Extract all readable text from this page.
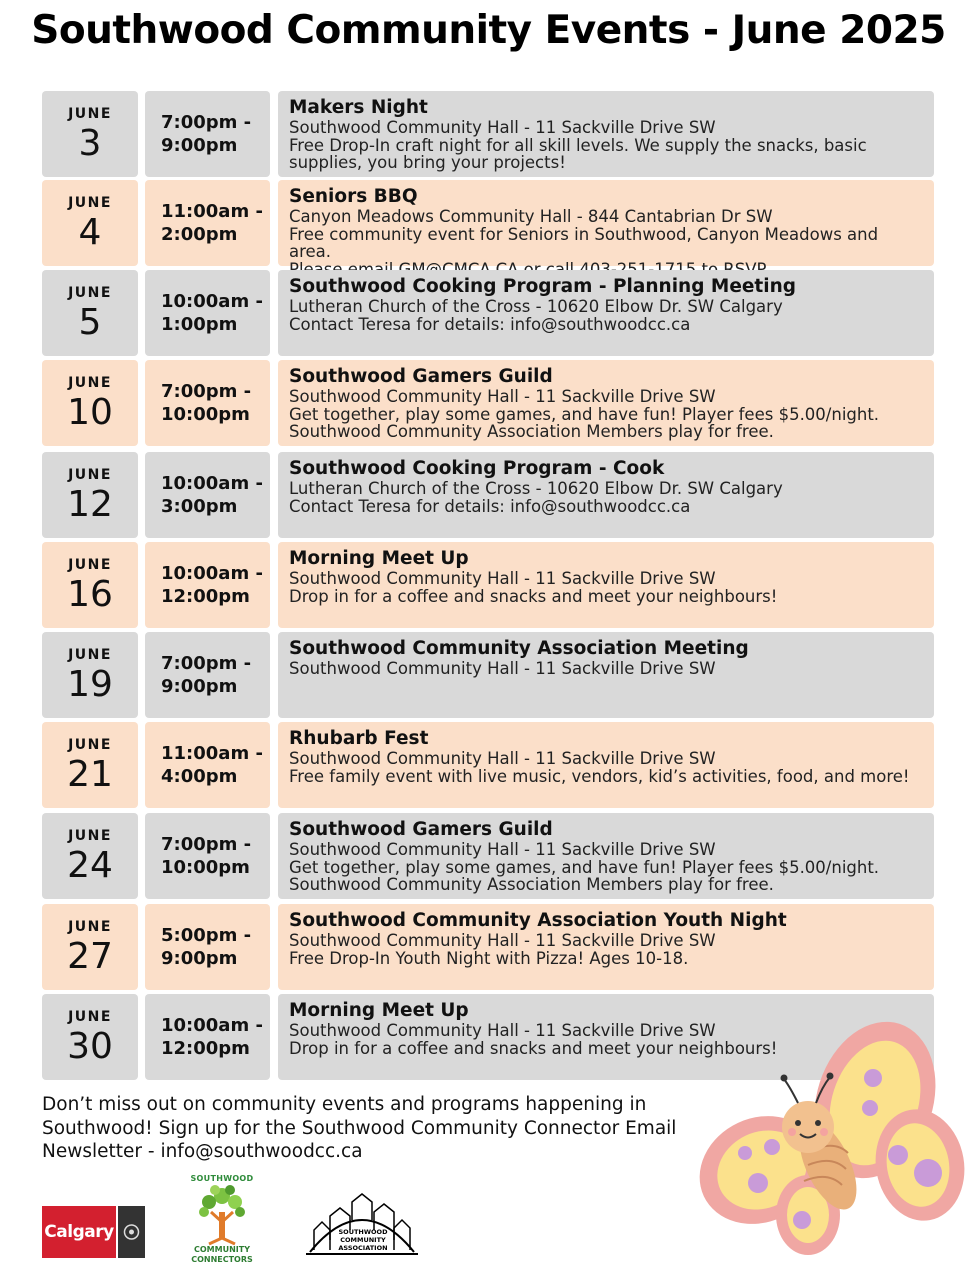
Southwood Community Events - June 2025
JUNE
3
7:00pm -
9:00pm
Makers Night
Southwood Community Hall - 11 Sackville Drive SW
Free Drop-In craft night for all skill levels. We supply the snacks, basic
supplies, you bring your projects!
JUNE
4
11:00am -
2:00pm
Seniors BBQ
Canyon Meadows Community Hall - 844 Cantabrian Dr SW
Free community event for Seniors in Southwood, Canyon Meadows and area.

JUNE
5
10:00am -
1:00pm
Southwood Cooking Program - Planning Meeting
Lutheran Church of the Cross - 10620 Elbow Dr. SW Calgary
Contact Teresa for details: info@southwoodcc.ca
JUNE
10
7:00pm -
10:00pm
Southwood Gamers Guild
Southwood Community Hall - 11 Sackville Drive SW
Get together, play some games, and have fun! Player fees $5.00/night.
Southwood Community Association Members play for free.
JUNE
12
10:00am -
3:00pm
Southwood Cooking Program - Cook
Lutheran Church of the Cross - 10620 Elbow Dr. SW Calgary
Contact Teresa for details: info@southwoodcc.ca
JUNE
16
10:00am -
12:00pm
Morning Meet Up
Southwood Community Hall - 11 Sackville Drive SW
Drop in for a coffee and snacks and meet your neighbours!
JUNE
19
7:00pm -
9:00pm
Southwood Community Association Meeting
Southwood Community Hall - 11 Sackville Drive SW
JUNE
21
11:00am -
4:00pm
Rhubarb Fest
Southwood Community Hall - 11 Sackville Drive SW
Free family event with live music, vendors, kid’s activities, food, and more!
JUNE
24
7:00pm -
10:00pm
Southwood Gamers Guild
Southwood Community Hall - 11 Sackville Drive SW
Get together, play some games, and have fun! Player fees $5.00/night.
Southwood Community Association Members play for free.
JUNE
27
5:00pm -
9:00pm
Southwood Community Association Youth Night
Southwood Community Hall - 11 Sackville Drive SW
Free Drop-In Youth Night with Pizza! Ages 10-18.
JUNE
30
10:00am -
12:00pm
Morning Meet Up
Southwood Community Hall - 11 Sackville Drive SW
Drop in for a coffee and snacks and meet your neighbours!
Don’t miss out on community events and programs happening in Southwood! Sign up for the Southwood Community Connector Email Newsletter - info@southwoodcc.ca
Calgary
SOUTHWOOD
COMMUNITY
CONNECTORS
SOUTHWOOD
COMMUNITY
ASSOCIATION
